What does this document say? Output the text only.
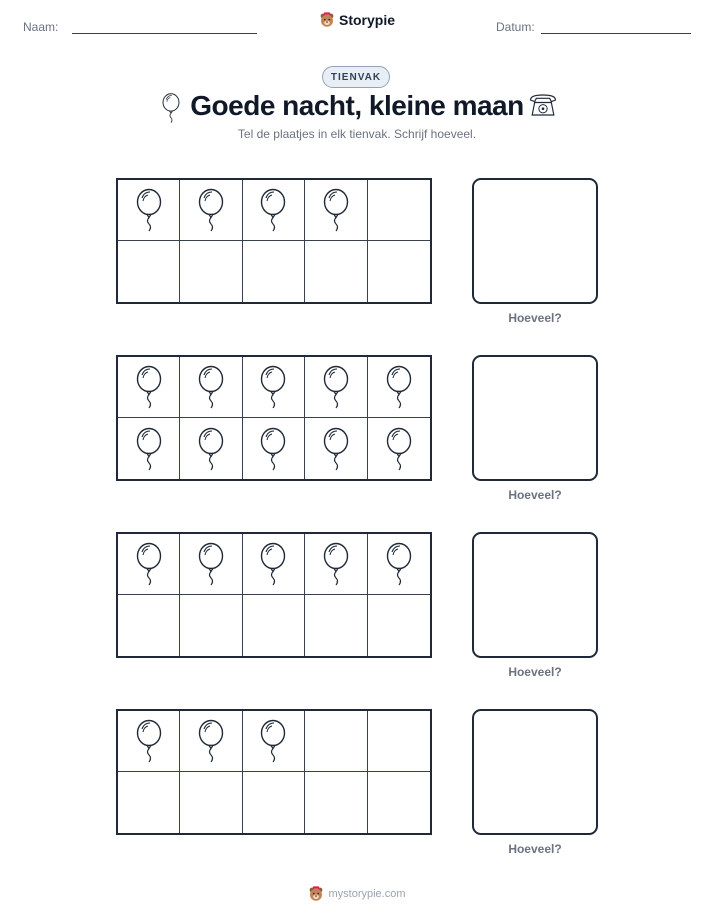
Naam:	Storypie	Datum:
TIENVAK
Goede nacht, kleine maan
Tel de plaatjes in elk tienvak. Schrijf hoeveel.
Hoeveel?
Hoeveel?
Hoeveel?
Hoeveel?
mystorypie.com
